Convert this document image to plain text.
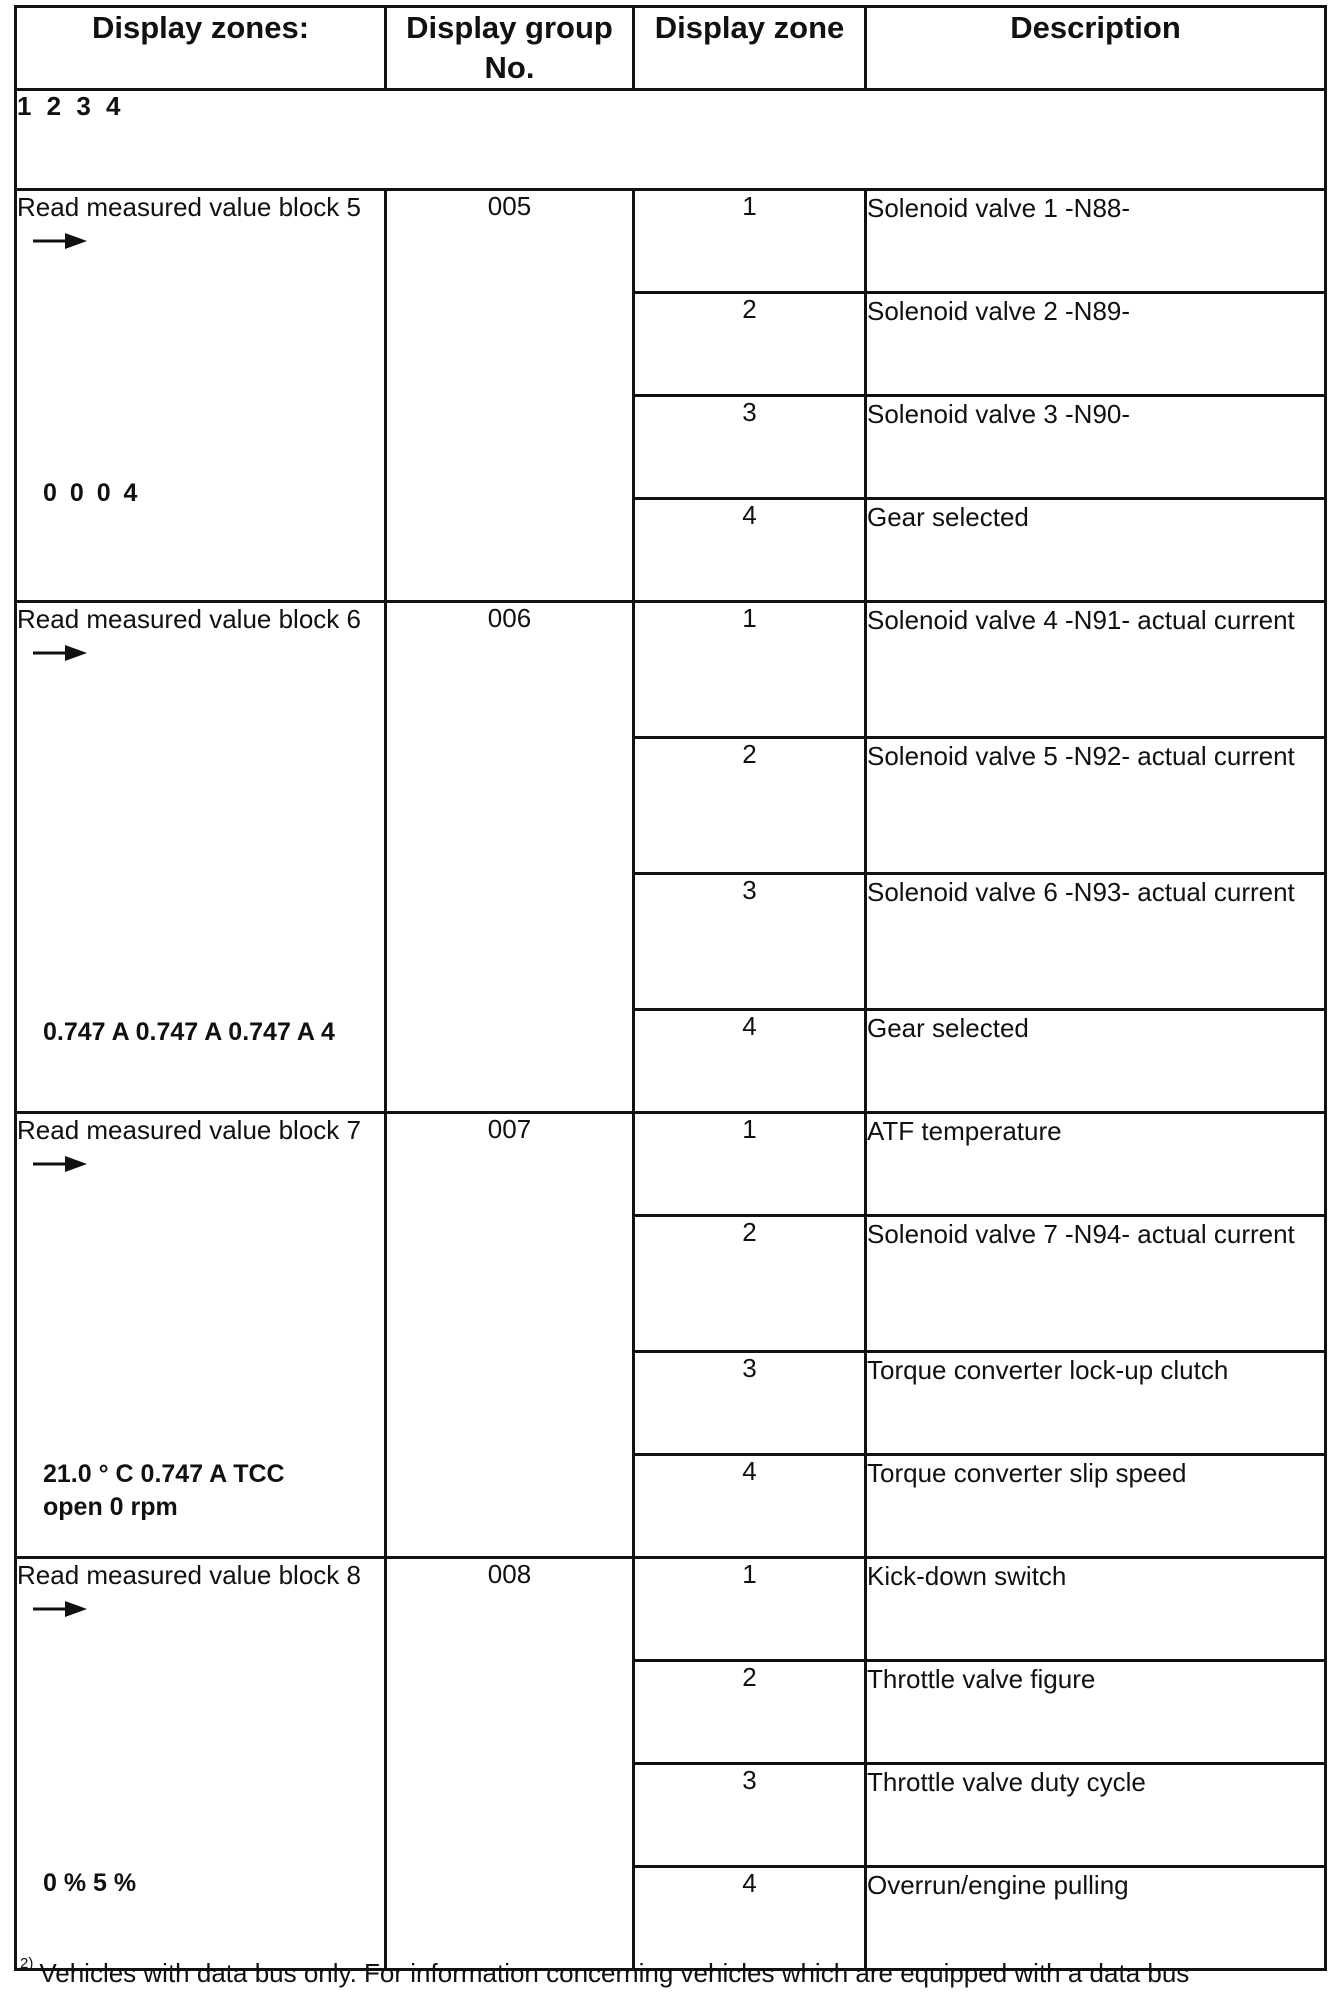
Display zones:	Display group No.	Display zone	Description
1 2 3 4			

Read measured value block 5
0 0 0 4	005	1	Solenoid valve 1 -N88-
		2	Solenoid valve 2 -N89-
		3	Solenoid valve 3 -N90-
		4	Gear selected

Read measured value block 6
0.747 A 0.747 A 0.747 A 4	006	1	Solenoid valve 4 -N91- actual current
		2	Solenoid valve 5 -N92- actual current
		3	Solenoid valve 6 -N93- actual current
		4	Gear selected

Read measured value block 7
21.0 ° C 0.747 A TCC open 0 rpm	007	1	ATF temperature
		2	Solenoid valve 7 -N94- actual current
		3	Torque converter lock-up clutch
		4	Torque converter slip speed

Read measured value block 8
0 % 5 %	008	1	Kick-down switch
		2	Throttle valve figure
		3	Throttle valve duty cycle
		4	Overrun/engine pulling
$^{2)}$ Vehicles with data bus only. For information concerning vehicles which are equipped with a data bus
